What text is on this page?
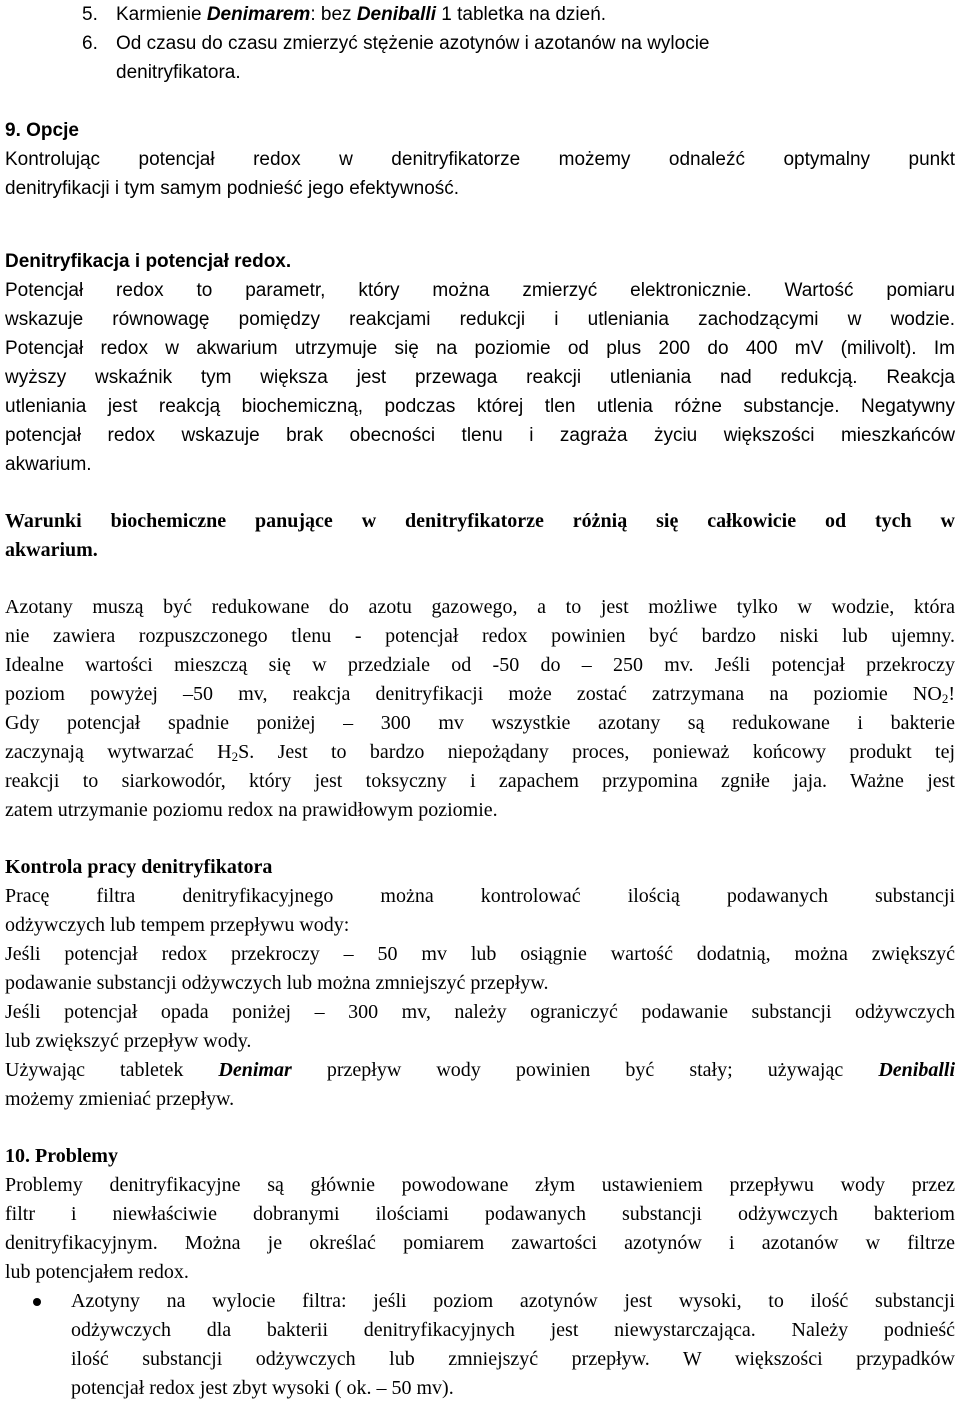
5. Karmienie Denimarem: bez Deniballi 1 tabletka na dzień.
6. Od czasu do czasu zmierzyć stężenie azotynów i azotanów na wylocie
denitryfikatora.
9. Opcje
Kontrolując potencjał redox w denitryfikatorze możemy odnaleźć optymalny punkt
denitryfikacji i tym samym podnieść jego efektywność.
Denitryfikacja i potencjał redox.
Potencjał redox to parametr, który można zmierzyć elektronicznie. Wartość pomiaru
wskazuje równowagę pomiędzy reakcjami redukcji i utleniania zachodzącymi w wodzie.
Potencjał redox w akwarium utrzymuje się na poziomie od plus 200 do 400 mV (milivolt). Im
wyższy wskaźnik tym większa jest przewaga reakcji utleniania nad redukcją. Reakcja
utleniania jest reakcją biochemiczną, podczas której tlen utlenia różne substancje. Negatywny
potencjał redox wskazuje brak obecności tlenu i zagraża życiu większości mieszkańców
akwarium.
Warunki biochemiczne panujące w denitryfikatorze różnią się całkowicie od tych w
akwarium.
Azotany muszą być redukowane do azotu gazowego, a to jest możliwe tylko w wodzie, która
nie zawiera rozpuszczonego tlenu - potencjał redox powinien być bardzo niski lub ujemny.
Idealne wartości mieszczą się w przedziale od -50 do – 250 mv. Jeśli potencjał przekroczy
poziom powyżej –50 mv, reakcja denitryfikacji może zostać zatrzymana na poziomie $NO_2$!
Gdy potencjał spadnie poniżej – 300 mv wszystkie azotany są redukowane i bakterie
zaczynają wytwarzać $H_2S$. Jest to bardzo niepożądany proces, ponieważ końcowy produkt tej
reakcji to siarkowodór, który jest toksyczny i zapachem przypomina zgniłe jaja. Ważne jest
zatem utrzymanie poziomu redox na prawidłowym poziomie.
Kontrola pracy denitryfikatora
Pracę filtra denitryfikacyjnego można kontrolować ilością podawanych substancji
odżywczych lub tempem przepływu wody:
Jeśli potencjał redox przekroczy – 50 mv lub osiągnie wartość dodatnią, można zwiększyć
podawanie substancji odżywczych lub można zmniejszyć przepływ.
Jeśli potencjał opada poniżej – 300 mv, należy ograniczyć podawanie substancji odżywczych
lub zwiększyć przepływ wody.
Używając tabletek Denimar przepływ wody powinien być stały; używając Deniballi
możemy zmieniać przepływ.
10. Problemy
Problemy denitryfikacyjne są głównie powodowane złym ustawieniem przepływu wody przez
filtr i niewłaściwie dobranymi ilościami podawanych substancji odżywczych bakteriom
denitryfikacyjnym. Można je określać pomiarem zawartości azotynów i azotanów w filtrze
lub potencjałem redox.
Azotyny na wylocie filtra: jeśli poziom azotynów jest wysoki, to ilość substancji
odżywczych dla bakterii denitryfikacyjnych jest niewystarczająca. Należy podnieść
ilość substancji odżywczych lub zmniejszyć przepływ. W większości przypadków
potencjał redox jest zbyt wysoki ( ok. – 50 mv).
